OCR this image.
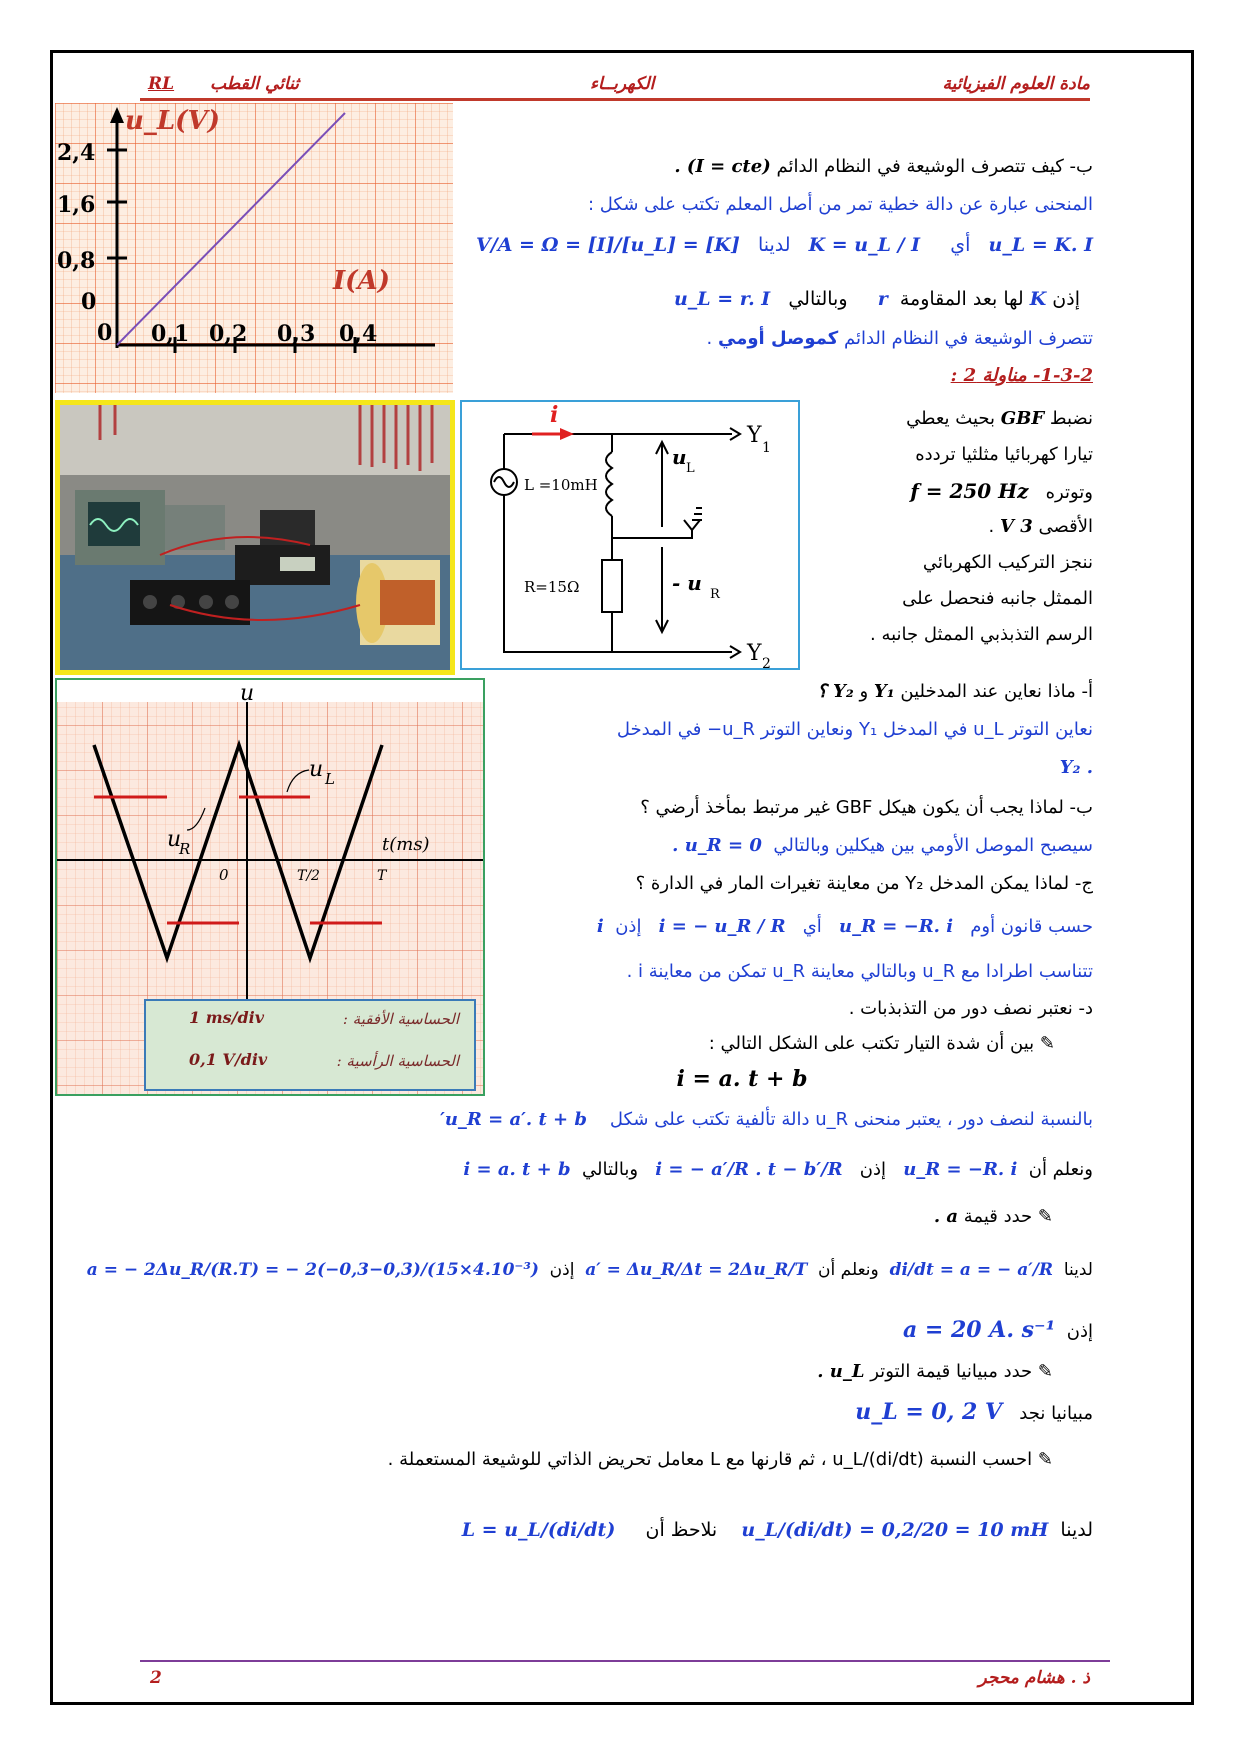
مادة العلوم الفيزيائية
الكهربــاء
ثنائي القطب
RL
u_L(V)
I(A)
2,4
1,6
0,8
0
0 0,1 0,2 0,3 0,4
i
Y 1
Y 2
L =10mH
R=15Ω
u L
- u R
u
t(ms)
u L
u
R
0	T/2	T
الحساسية الأفقية :
1 ms/div
الحساسية الرأسية :
0,1 V/div
ب- كيف تتصرف الوشيعة في النظام الدائم (I = cte) .
المنحنى عبارة عن دالة خطية تمر من أصل المعلم تكتب على شكل :
u_L = K. I   أي     K = u_L / I   لدينا   [K] = [u_L]/[I] = V/A = Ω
إذن K لها بعد المقاومة  r     وبالتالي   u_L = r. I
تتصرف الوشيعة في النظام الدائم كموصل أومي .
1-3-2- مناولة 2 :
نضبط GBF بحيث يعطي
تيارا كهربائيا مثلثيا تردده
وتوتره   f = 250 Hz
الأقصى 3 V .
ننجز التركيب الكهربائي
الممثل جانبه فنحصل على
الرسم التذبذبي الممثل جانبه .
أ- ماذا نعاين عند المدخلين Y₁ و Y₂ ؟
نعاين التوتر u_L في المدخل Y₁ ونعاين التوتر u_R− في المدخل
. Y₂
ب- لماذا يجب أن يكون هيكل GBF غير مرتبط بمأخذ أرضي ؟
سيصبح الموصل الأومي بين هيكلين وبالتالي  u_R = 0 .
ج- لماذا يمكن المدخل Y₂ من معاينة تغيرات المار في الدارة ؟
حسب قانون أوم   u_R = −R. i   أي   i = − u_R / R   إذن  i
تتناسب اطرادا مع u_R وبالتالي معاينة u_R تمكن من معاينة i .
د- نعتبر نصف دور من التذبذبات .
✎ بين أن شدة التيار تكتب على الشكل التالي :
i = a. t + b
بالنسبة لنصف دور ، يعتبر منحنى u_R دالة تألفية تكتب على شكل    u_R = a′. t + b′
ونعلم أن  u_R = −R. i   إذن   i = − a′/R . t − b′/R   وبالتالي  i = a. t + b
✎ حدد قيمة a .
لدينا  di/dt = a = − a′/R  ونعلم أن  a′ = Δu_R/Δt = 2Δu_R/T  إذن  a = − 2Δu_R/(R.T) = − 2(−0,3−0,3)/(15×4.10⁻³)
إذن  a = 20 A. s⁻¹
✎ حدد مبيانيا قيمة التوتر u_L .
مبيانيا نجد   u_L = 0, 2 V
✎ احسب النسبة u_L/(di/dt) ، ثم قارنها مع L معامل تحريض الذاتي للوشيعة المستعملة .
لدينا  u_L/(di/dt) = 0,2/20 = 10 mH    نلاحظ أن     L = u_L/(di/dt)
ذ . هشام محجر
2
